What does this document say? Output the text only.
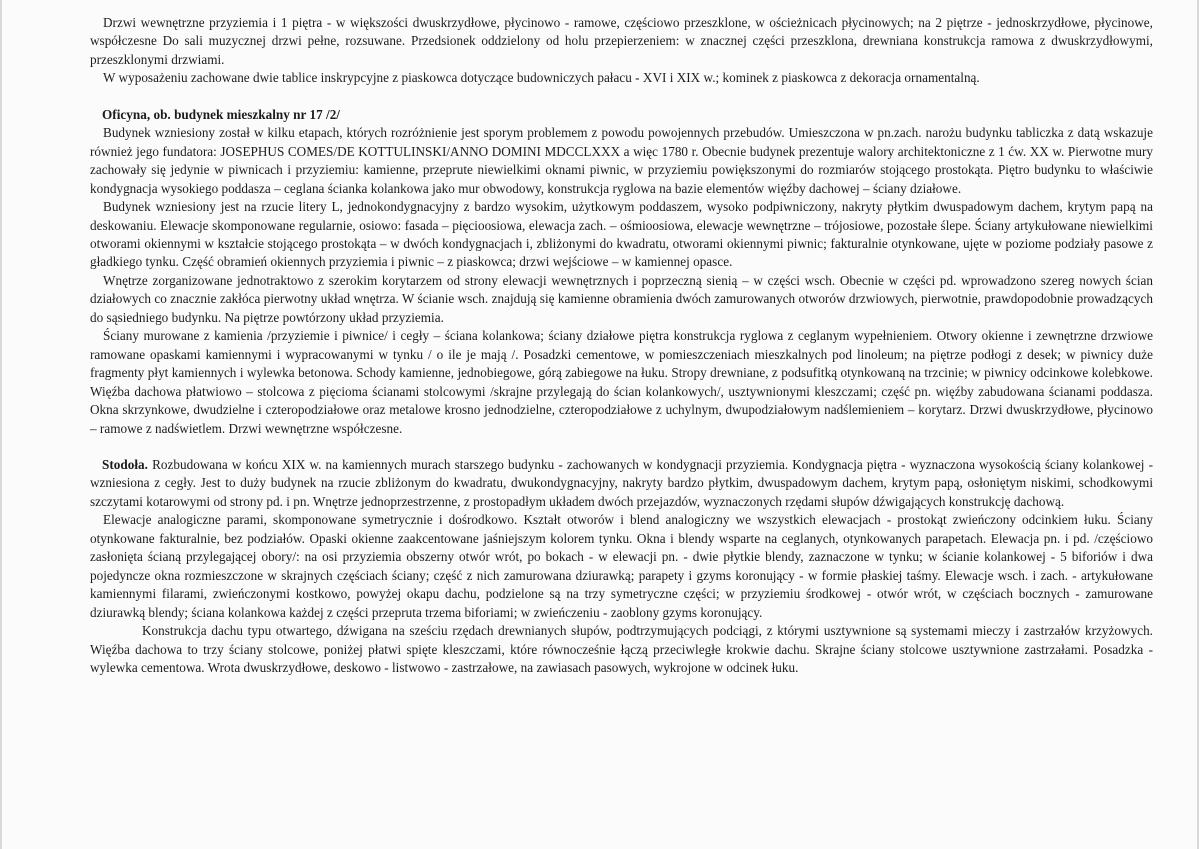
Drzwi wewnętrzne przyziemia i 1 piętra - w większości dwuskrzydłowe, płycinowo - ramowe, częściowo przeszklone, w ościeżnicach płycinowych; na 2 piętrze - jednoskrzydłowe, płycinowe, współczesne Do sali muzycznej drzwi pełne, rozsuwane. Przedsionek oddzielony od holu przepierzeniem: w znacznej części przeszklona, drewniana konstrukcja ramowa z dwuskrzydłowymi, przeszklonymi drzwiami.

W wyposażeniu zachowane dwie tablice inskrypcyjne z piaskowca dotyczące budowniczych pałacu - XVI i XIX w.; kominek z piaskowca z dekoracja ornamentalną.

Oficyna, ob. budynek mieszkalny nr 17 /2/

Budynek wzniesiony został w kilku etapach, których rozróżnienie jest sporym problemem z powodu powojennych przebudów. Umieszczona w pn.zach. narożu budynku tabliczka z datą wskazuje również jego fundatora: JOSEPHUS COMES/DE KOTTULINSKI/ANNO DOMINI MDCCLXXX a więc 1780 r. Obecnie budynek prezentuje walory architektoniczne z 1 ćw. XX w. Pierwotne mury zachowały się jedynie w piwnicach i przyziemiu: kamienne, przeprute niewielkimi oknami piwnic, w przyziemiu powiększonymi do rozmiarów stojącego prostokąta. Piętro budynku to właściwie kondygnacja wysokiego poddasza – ceglana ścianka kolankowa jako mur obwodowy, konstrukcja ryglowa na bazie elementów więźby dachowej – ściany działowe.

Budynek wzniesiony jest na rzucie litery L, jednokondygnacyjny z bardzo wysokim, użytkowym poddaszem, wysoko podpiwniczony, nakryty płytkim dwuspadowym dachem, krytym papą na deskowaniu. Elewacje skomponowane regularnie, osiowo: fasada – pięcioosiowa, elewacja zach. – ośmioosiowa, elewacje wewnętrzne – trójosiowe, pozostałe ślepe. Ściany artykułowane niewielkimi otworami okiennymi w kształcie stojącego prostokąta – w dwóch kondygnacjach i, zbliżonymi do kwadratu, otworami okiennymi piwnic; fakturalnie otynkowane, ujęte w poziome podziały pasowe z gładkiego tynku. Część obramień okiennych przyziemia i piwnic – z piaskowca; drzwi wejściowe – w kamiennej opasce.

Wnętrze zorganizowane jednotraktowo z szerokim korytarzem od strony elewacji wewnętrznych i poprzeczną sienią – w części wsch. Obecnie w części pd. wprowadzono szereg nowych ścian działowych co znacznie zakłóca pierwotny układ wnętrza. W ścianie wsch. znajdują się kamienne obramienia dwóch zamurowanych otworów drzwiowych, pierwotnie, prawdopodobnie prowadzących do sąsiedniego budynku. Na piętrze powtórzony układ przyziemia.

Ściany murowane z kamienia /przyziemie i piwnice/ i cegły – ściana kolankowa; ściany działowe piętra konstrukcja ryglowa z ceglanym wypełnieniem. Otwory okienne i zewnętrzne drzwiowe ramowane opaskami kamiennymi i wypracowanymi w tynku / o ile je mają /. Posadzki cementowe, w pomieszczeniach mieszkalnych pod linoleum; na piętrze podłogi z desek; w piwnicy duże fragmenty płyt kamiennych i wylewka betonowa. Schody kamienne, jednobiegowe, górą zabiegowe na łuku. Stropy drewniane, z podsufitką otynkowaną na trzcinie; w piwnicy odcinkowe kolebkowe. Więźba dachowa płatwiowo – stolcowa z pięcioma ścianami stolcowymi /skrajne przylegają do ścian kolankowych/, usztywnionymi kleszczami; część pn. więźby zabudowana ścianami poddasza. Okna skrzynkowe, dwudzielne i czteropodziałowe oraz metalowe krosno jednodzielne, czteropodziałowe z uchylnym, dwupodziałowym nadślemieniem – korytarz. Drzwi dwuskrzydłowe, płycinowo – ramowe z nadświetlem. Drzwi wewnętrzne współczesne.

Stodoła. Rozbudowana w końcu XIX w. na kamiennych murach starszego budynku - zachowanych w kondygnacji przyziemia. Kondygnacja piętra - wyznaczona wysokością ściany kolankowej - wzniesiona z cegły. Jest to duży budynek na rzucie zbliżonym do kwadratu, dwukondygnacyjny, nakryty bardzo płytkim, dwuspadowym dachem, krytym papą, osłoniętym niskimi, schodkowymi szczytami kotarowymi od strony pd. i pn. Wnętrze jednoprzestrzenne, z prostopadłym układem dwóch przejazdów, wyznaczonych rzędami słupów dźwigających konstrukcję dachową.

Elewacje analogiczne parami, skomponowane symetrycznie i dośrodkowo. Kształt otworów i blend analogiczny we wszystkich elewacjach - prostokąt zwieńczony odcinkiem łuku. Ściany otynkowane fakturalnie, bez podziałów. Opaski okienne zaakcentowane jaśniejszym kolorem tynku. Okna i blendy wsparte na ceglanych, otynkowanych parapetach. Elewacja pn. i pd. /częściowo zasłonięta ścianą przylegającej obory/: na osi przyziemia obszerny otwór wrót, po bokach - w elewacji pn. - dwie płytkie blendy, zaznaczone w tynku; w ścianie kolankowej - 5 biforiów i dwa pojedyncze okna rozmieszczone w skrajnych częściach ściany; część z nich zamurowana dziurawką; parapety i gzyms koronujący - w formie płaskiej taśmy. Elewacje wsch. i zach. - artykułowane kamiennymi filarami, zwieńczonymi kostkowo, powyżej okapu dachu, podzielone są na trzy symetryczne części; w przyziemiu środkowej - otwór wrót, w częściach bocznych - zamurowane dziurawką blendy; ściana kolankowa każdej z części przeprutа trzema biforiami; w zwieńczeniu - zaoblony gzyms koronujący.

Konstrukcja dachu typu otwartego, dźwigana na sześciu rzędach drewnianych słupów, podtrzymujących podciągi, z którymi usztywnione są systemami mieczy i zastrzałów krzyżowych. Więźba dachowa to trzy ściany stolcowe, poniżej płatwi spięte kleszczami, które równocześnie łączą przeciwległe krokwie dachu. Skrajne ściany stolcowe usztywnione zastrzałami. Posadzka - wylewka cementowa. Wrota dwuskrzydłowe, deskowo - listwowo - zastrzałowe, na zawiasach pasowych, wykrojone w odcinek łuku.
